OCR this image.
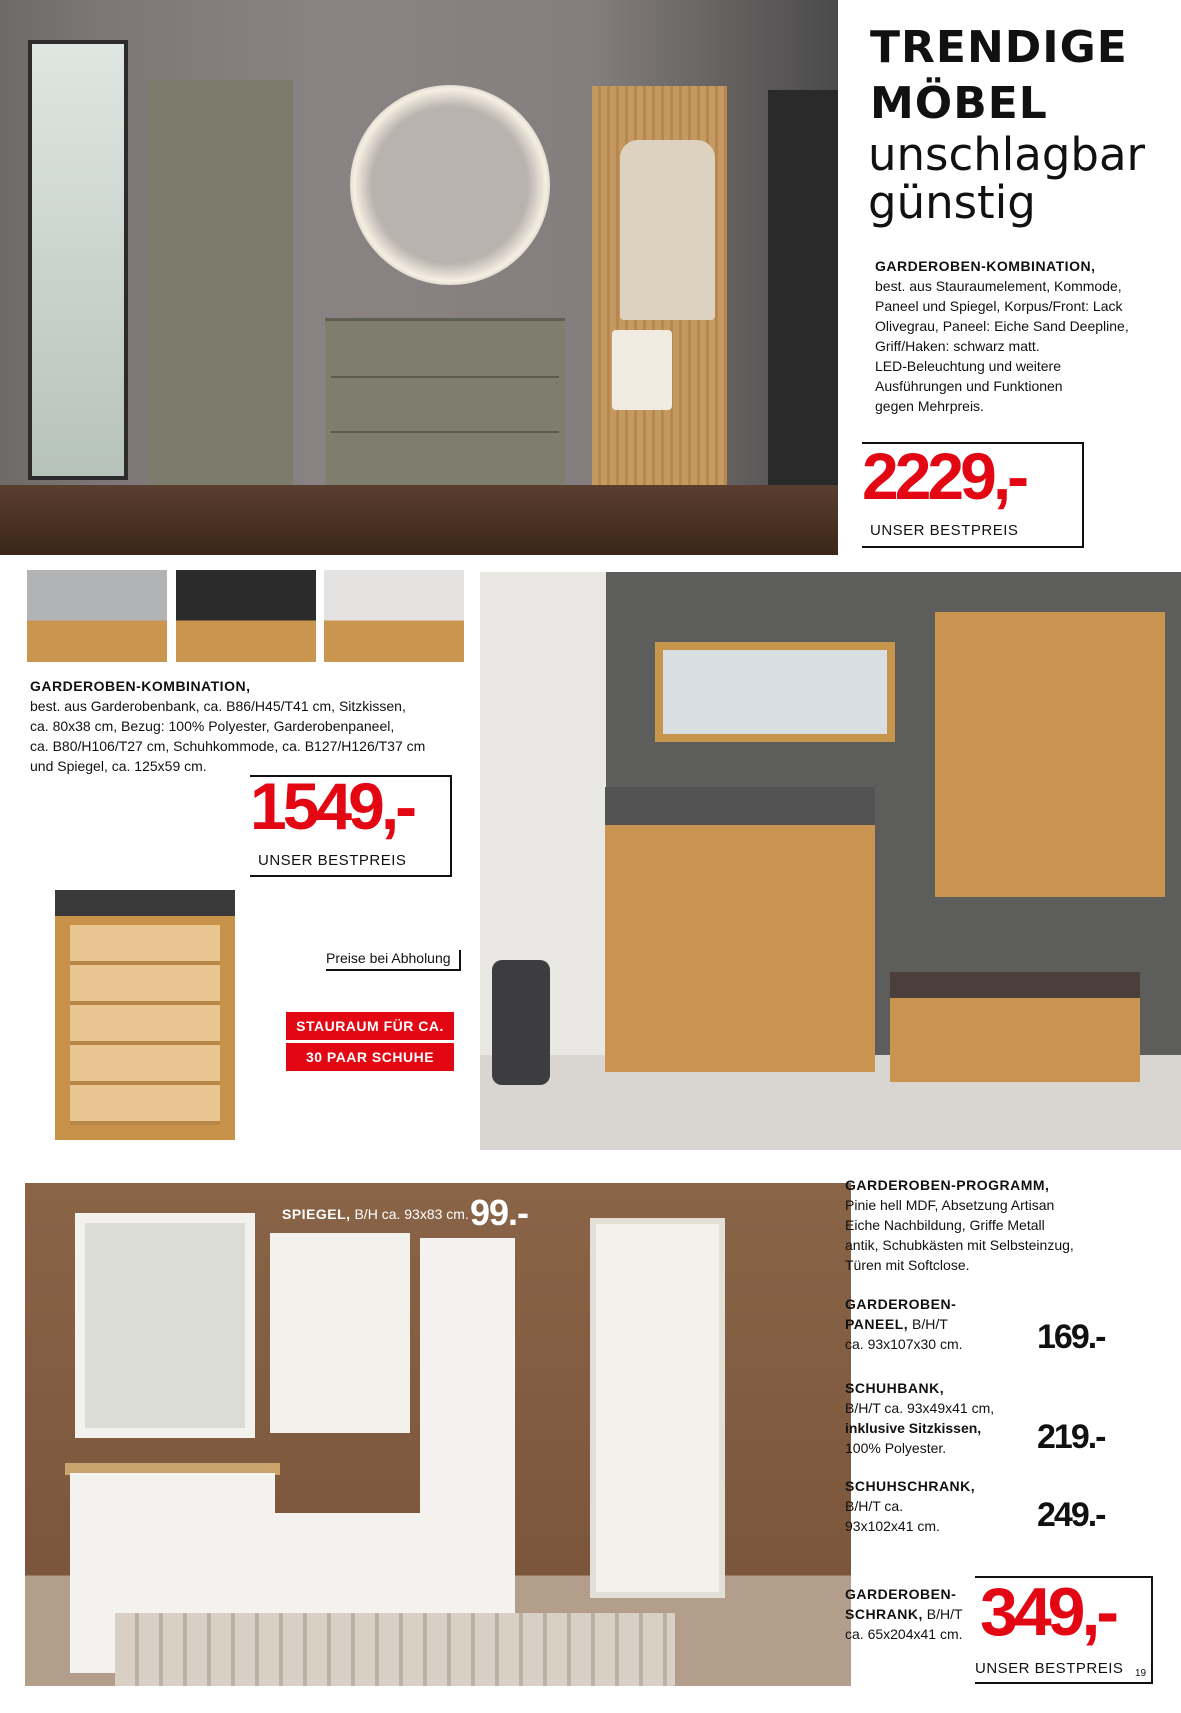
TRENDIGE
MÖBEL
unschlagbar
günstig
GARDEROBEN-KOMBINATION,
best. aus Stauraumelement, Kommode,
Paneel und Spiegel, Korpus/Front: Lack
Olivegrau, Paneel: Eiche Sand Deepline,
Griff/Haken: schwarz matt.
LED-Beleuchtung und weitere
Ausführungen und Funktionen
gegen Mehrpreis.
2229,-
UNSER BESTPREIS
GARDEROBEN-KOMBINATION,
best. aus Garderobenbank, ca. B86/H45/T41 cm, Sitzkissen,
ca. 80x38 cm, Bezug: 100% Polyester, Garderobenpaneel,
ca. B80/H106/T27 cm, Schuhkommode, ca. B127/H126/T37 cm
und Spiegel, ca. 125x59 cm.
1549,-
UNSER BESTPREIS
Preise bei Abholung
STAURAUM FÜR CA.
30 PAAR SCHUHE
SPIEGEL, B/H ca. 93x83 cm. 99.-
GARDEROBEN-PROGRAMM,
Pinie hell MDF, Absetzung Artisan
Eiche Nachbildung, Griffe Metall
antik, Schubkästen mit Selbsteinzug,
Türen mit Softclose.
GARDEROBEN-
PANEEL, B/H/T
ca. 93x107x30 cm.	169.-
SCHUHBANK,
B/H/T ca. 93x49x41 cm,
inklusive Sitzkissen,
100% Polyester.	219.-
SCHUHSCHRANK,
B/H/T ca.
93x102x41 cm.	249.-
GARDEROBEN-
SCHRANK, B/H/T
ca. 65x204x41 cm. 349,-
UNSER BESTPREIS 19
